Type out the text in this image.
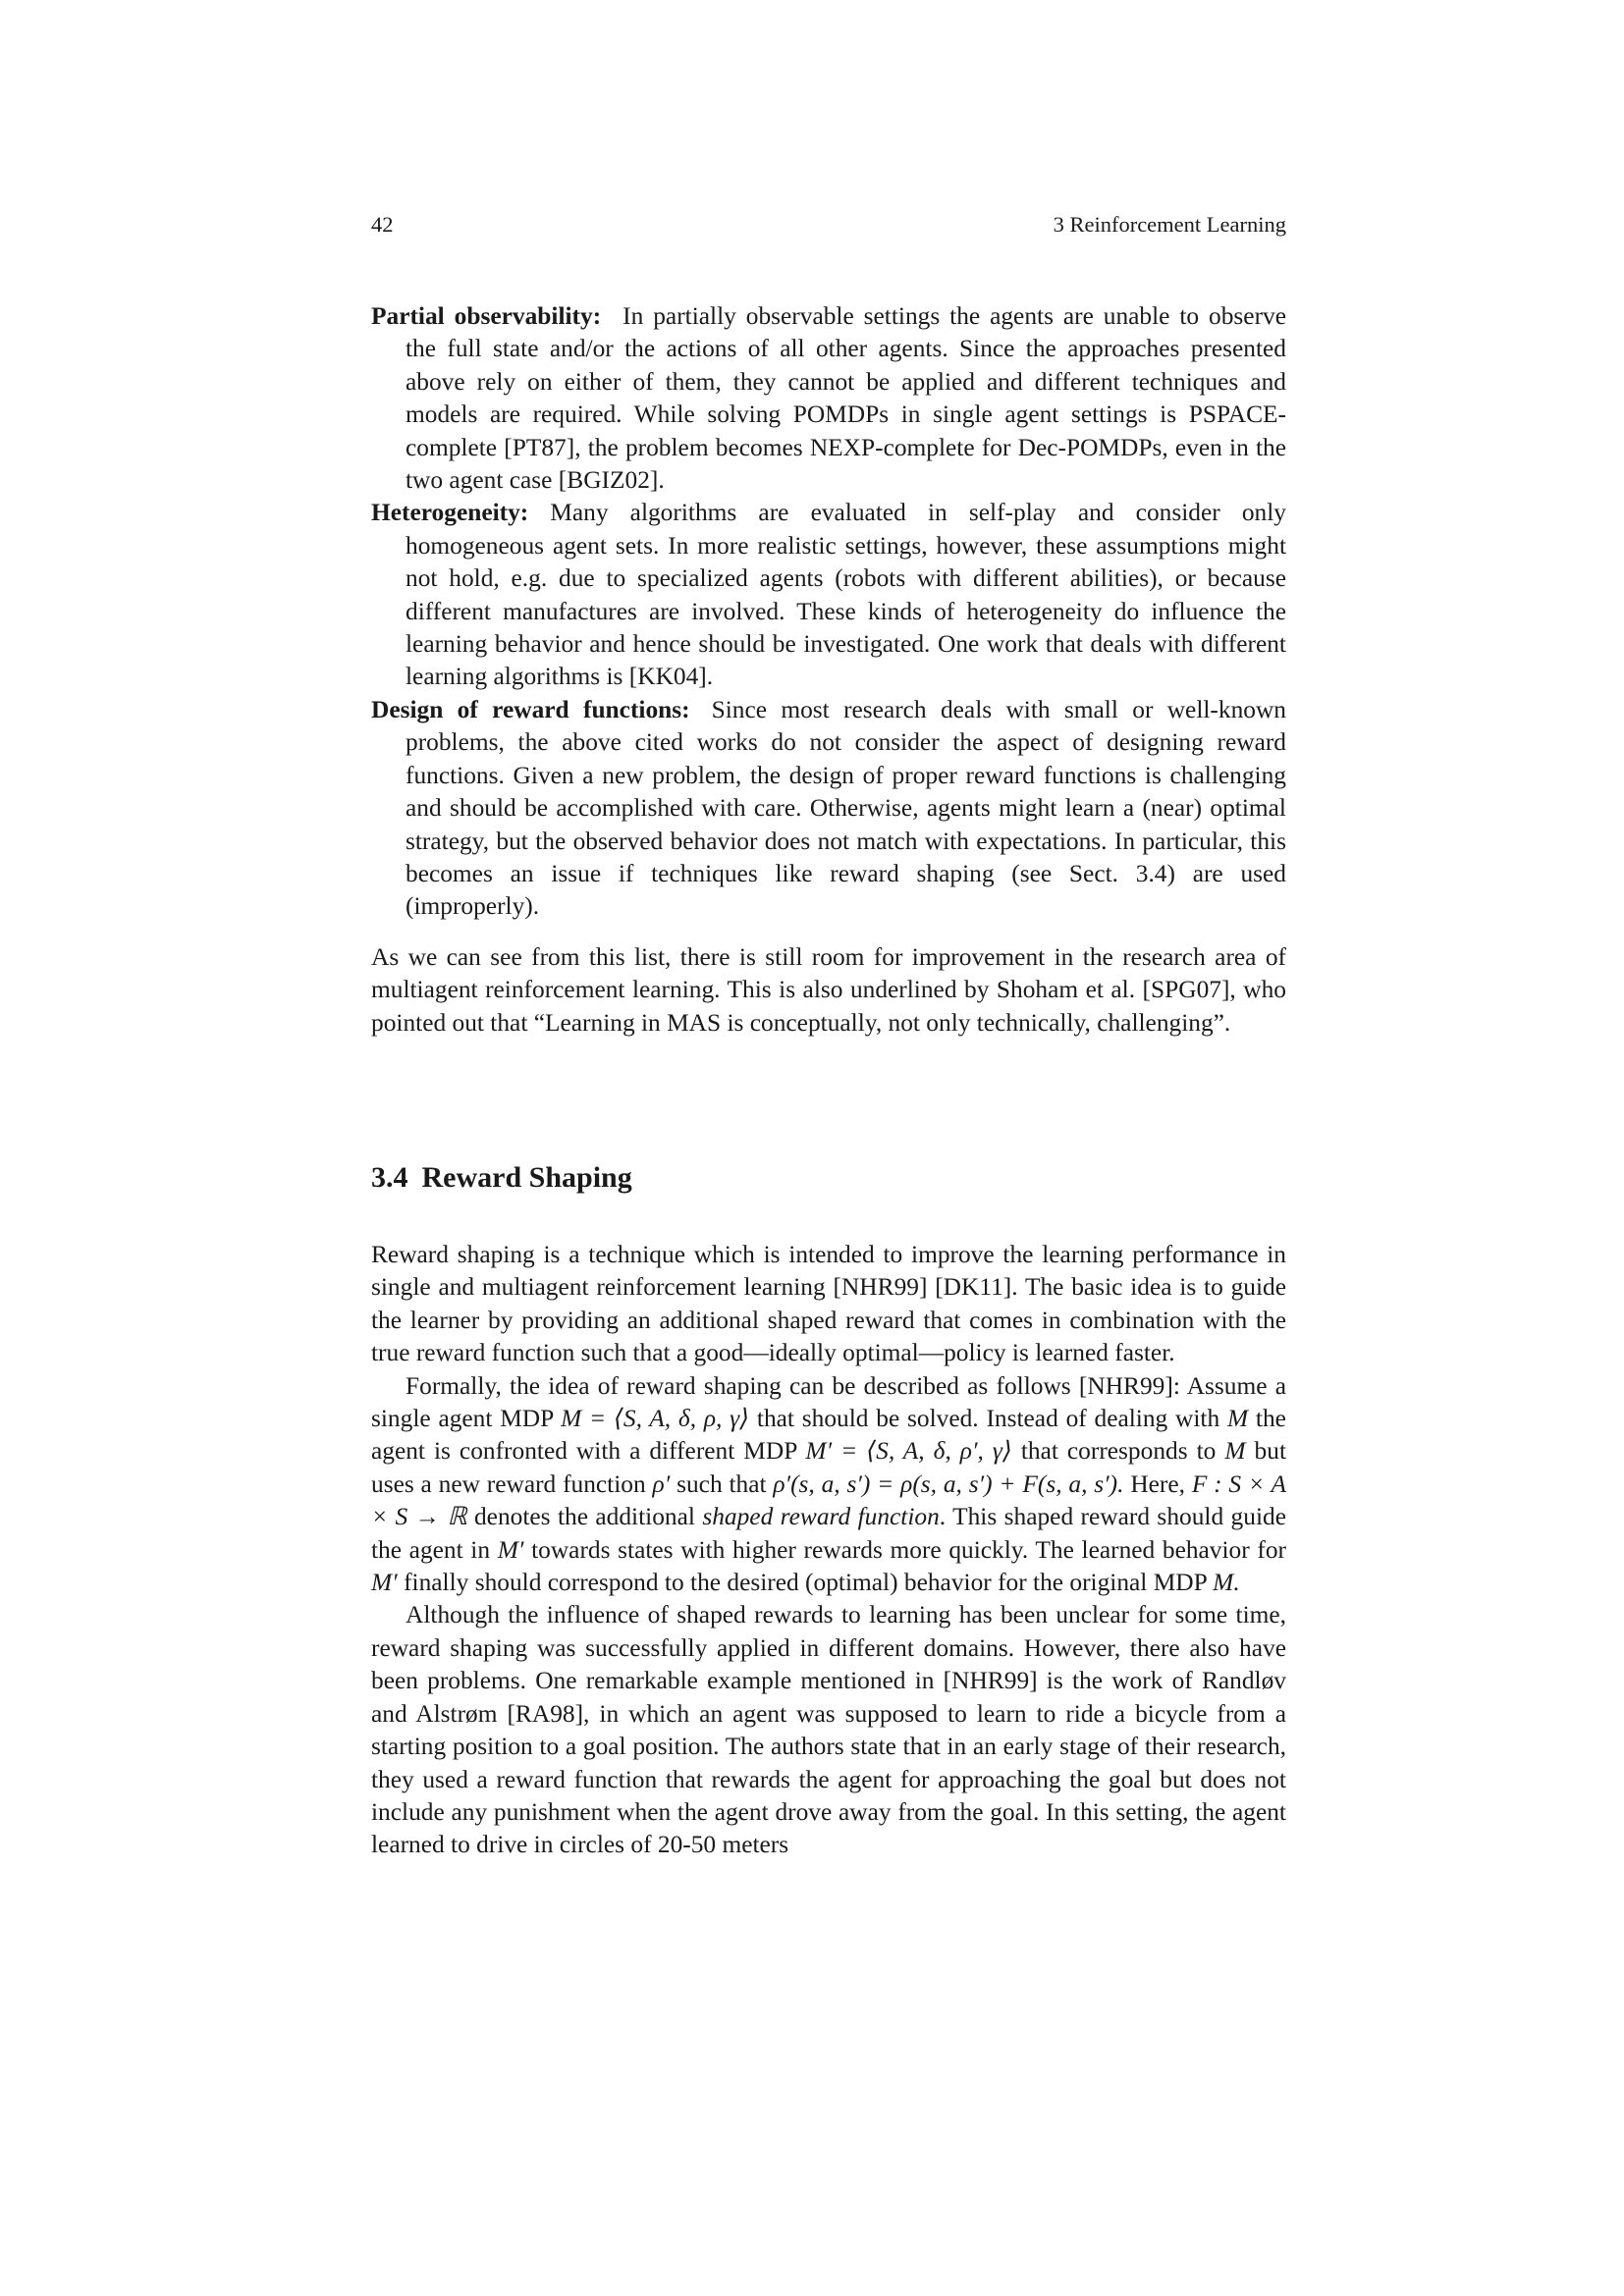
42	3 Reinforcement Learning

Partial observability: In partially observable settings the agents are unable to observe the full state and/or the actions of all other agents. Since the approaches presented above rely on either of them, they cannot be applied and different techniques and models are required. While solving POMDPs in single agent settings is PSPACE-complete [PT87], the problem becomes NEXP-complete for Dec-POMDPs, even in the two agent case [BGIZ02].

Heterogeneity: Many algorithms are evaluated in self-play and consider only homogeneous agent sets. In more realistic settings, however, these assumptions might not hold, e.g. due to specialized agents (robots with different abilities), or because different manufactures are involved. These kinds of heterogeneity do influence the learning behavior and hence should be investigated. One work that deals with different learning algorithms is [KK04].

Design of reward functions: Since most research deals with small or well-known problems, the above cited works do not consider the aspect of designing reward functions. Given a new problem, the design of proper reward functions is challenging and should be accomplished with care. Otherwise, agents might learn a (near) optimal strategy, but the observed behavior does not match with expectations. In particular, this becomes an issue if techniques like reward shaping (see Sect. 3.4) are used (improperly).

As we can see from this list, there is still room for improvement in the research area of multiagent reinforcement learning. This is also underlined by Shoham et al. [SPG07], who pointed out that “Learning in MAS is conceptually, not only technically, challenging”.

3.4 Reward Shaping

Reward shaping is a technique which is intended to improve the learning performance in single and multiagent reinforcement learning [NHR99] [DK11]. The basic idea is to guide the learner by providing an additional shaped reward that comes in combination with the true reward function such that a good—ideally optimal—policy is learned faster.

Formally, the idea of reward shaping can be described as follows [NHR99]: Assume a single agent MDP M = ⟨S, A, δ, ρ, γ⟩ that should be solved. Instead of dealing with M the agent is confronted with a different MDP M′ = ⟨S, A, δ, ρ′, γ⟩ that corresponds to M but uses a new reward function ρ′ such that ρ′(s, a, s′) = ρ(s, a, s′) + F(s, a, s′). Here, F : S × A × S → ℝ denotes the additional shaped reward function. This shaped reward should guide the agent in M′ towards states with higher rewards more quickly. The learned behavior for M′ finally should correspond to the desired (optimal) behavior for the original MDP M.

Although the influence of shaped rewards to learning has been unclear for some time, reward shaping was successfully applied in different domains. However, there also have been problems. One remarkable example mentioned in [NHR99] is the work of Randløv and Alstrøm [RA98], in which an agent was supposed to learn to ride a bicycle from a starting position to a goal position. The authors state that in an early stage of their research, they used a reward function that rewards the agent for approaching the goal but does not include any punishment when the agent drove away from the goal. In this setting, the agent learned to drive in circles of 20-50 meters
